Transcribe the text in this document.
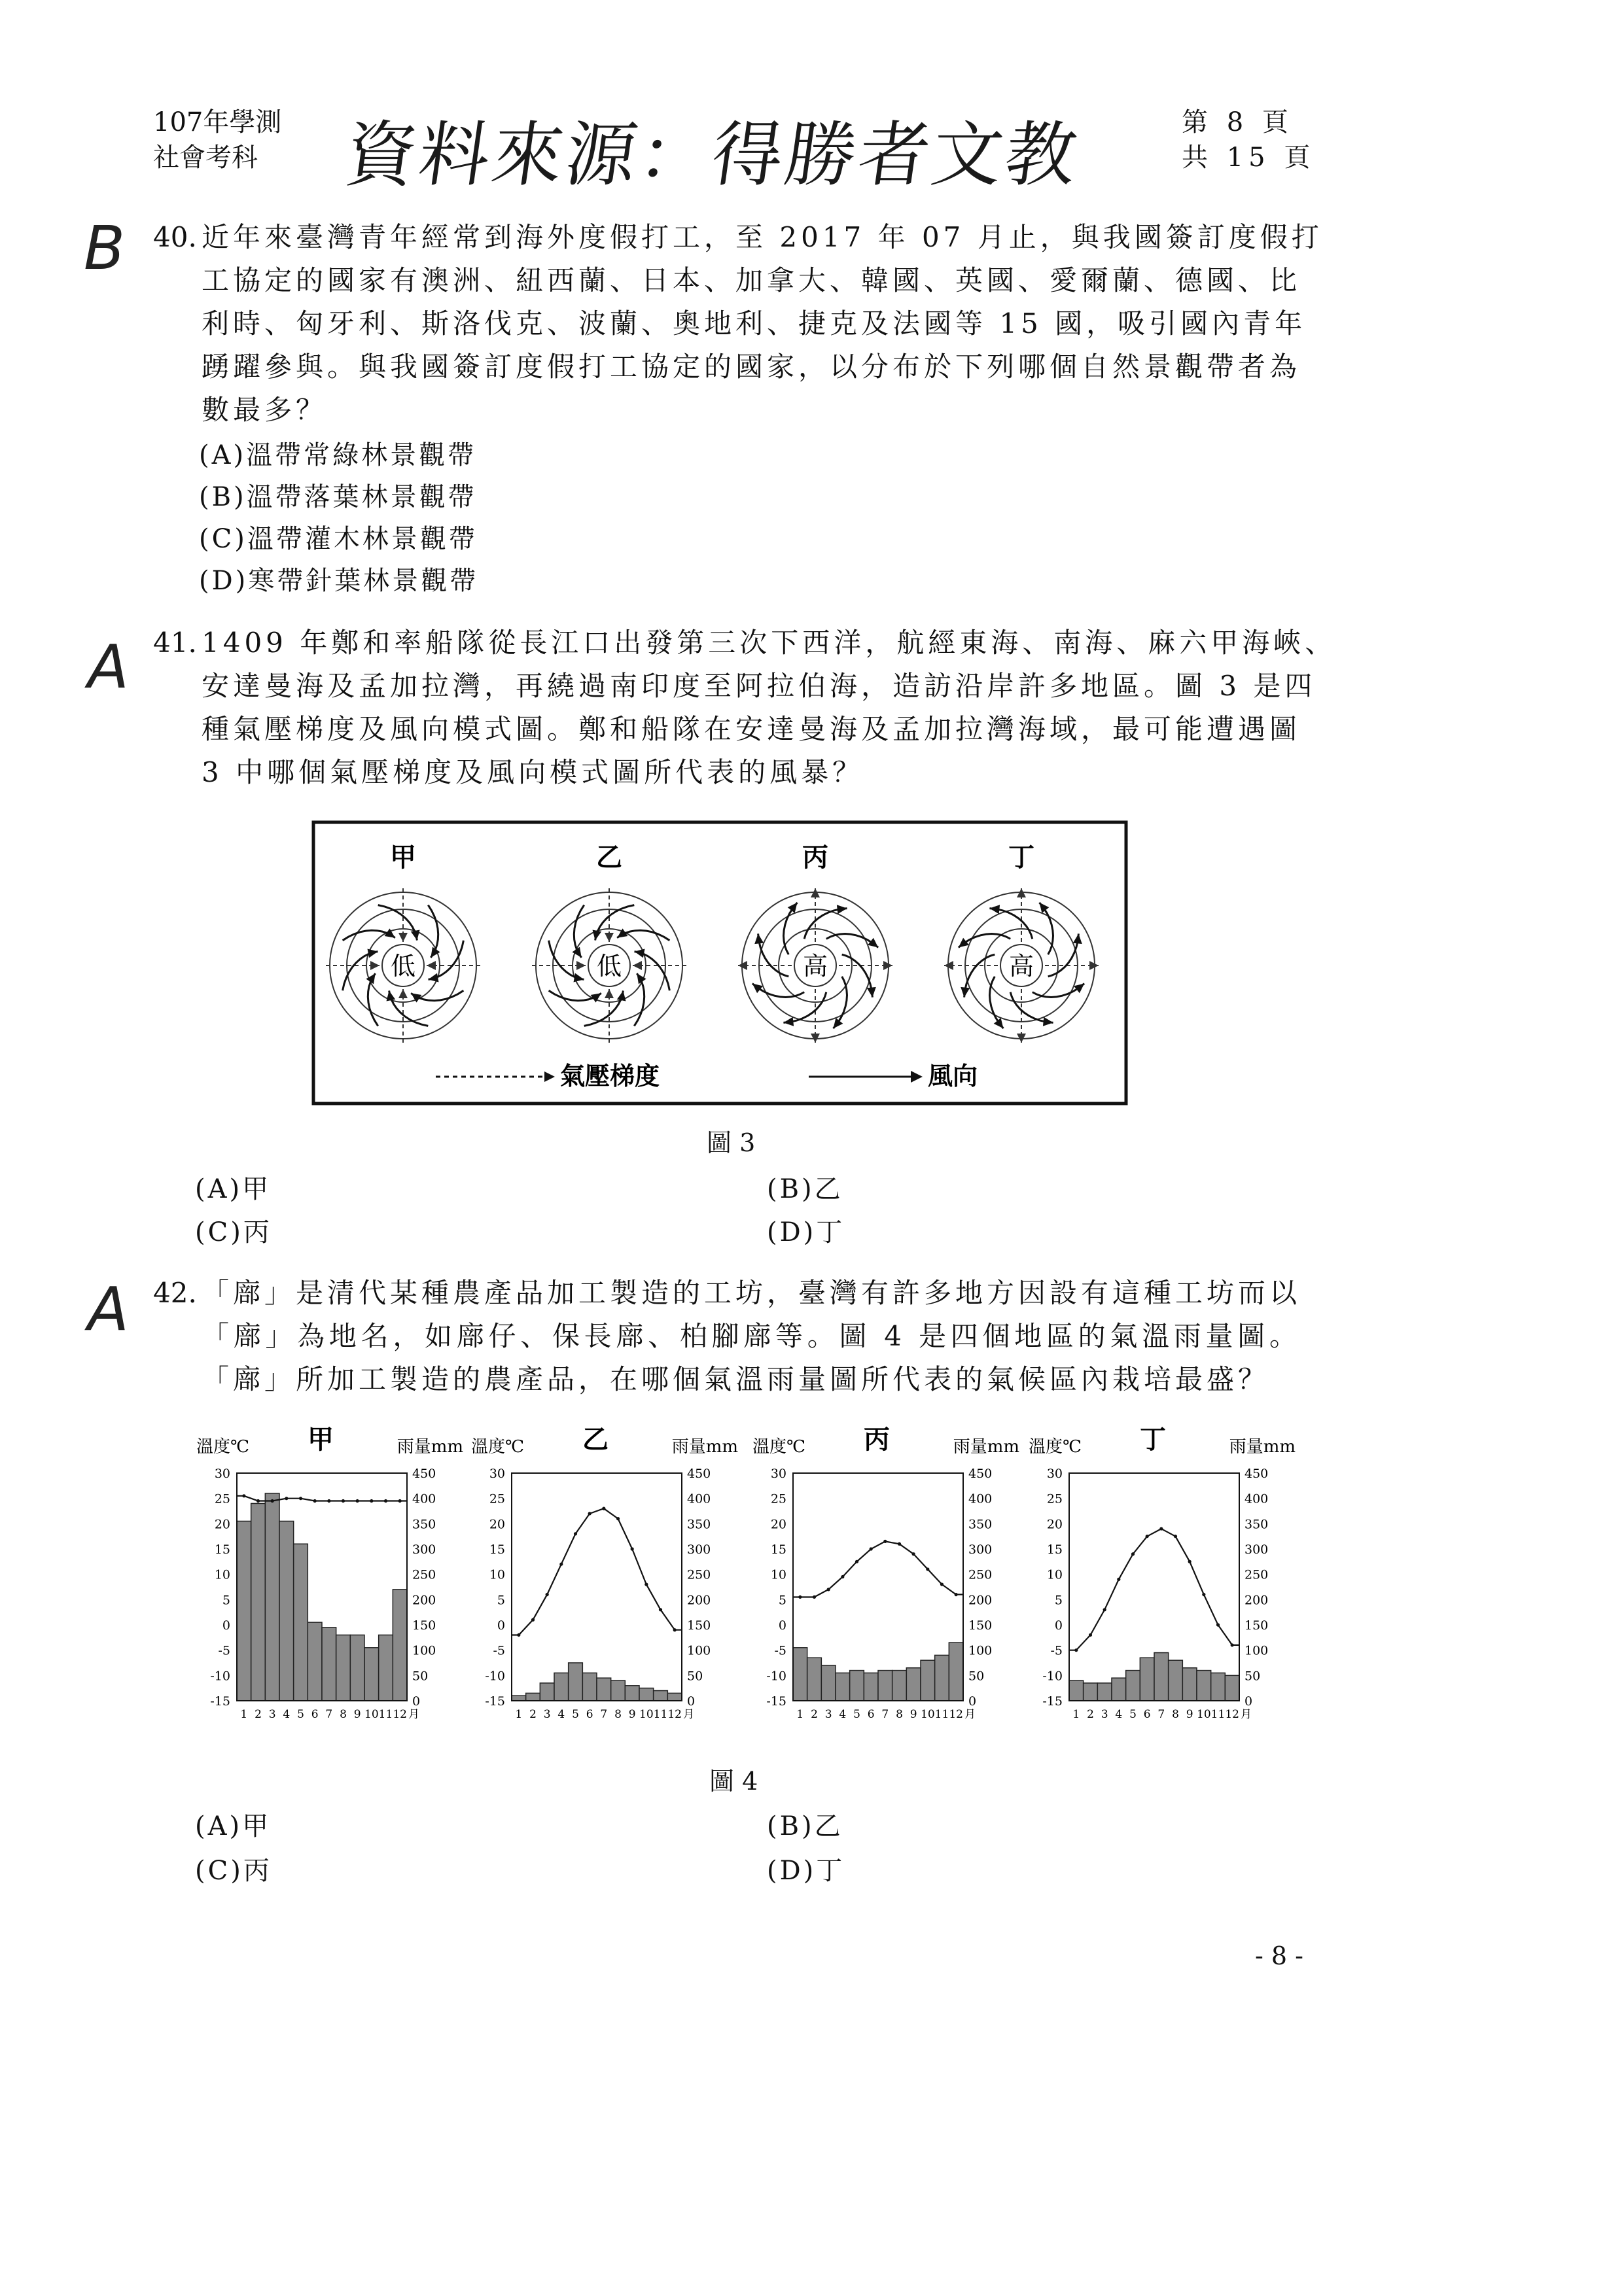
107年學測
社會考科 資料來源：得勝者文教	第 8 頁
共 15 頁
B
A
A
40. 近年來臺灣青年經常到海外度假打工，至 2017 年 07 月止，與我國簽訂度假打
工協定的國家有澳洲、紐西蘭、日本、加拿大、韓國、英國、愛爾蘭、德國、比
利時、匈牙利、斯洛伐克、波蘭、奧地利、捷克及法國等 15 國，吸引國內青年
踴躍參與。與我國簽訂度假打工協定的國家，以分布於下列哪個自然景觀帶者為
數最多？
(A)溫帶常綠林景觀帶
(B)溫帶落葉林景觀帶
(C)溫帶灌木林景觀帶
(D)寒帶針葉林景觀帶
41. 1409 年鄭和率船隊從長江口出發第三次下西洋，航經東海、南海、麻六甲海峽、
安達曼海及孟加拉灣，再繞過南印度至阿拉伯海，造訪沿岸許多地區。圖 3 是四
種氣壓梯度及風向模式圖。鄭和船隊在安達曼海及孟加拉灣海域，最可能遭遇圖
3 中哪個氣壓梯度及風向模式圖所代表的風暴？
甲
低
乙
低
丙
高
丁
高
氣壓梯度	風向
圖 3
(A)甲	(B)乙
(C)丙	(D)丁
42. 「廍」是清代某種農產品加工製造的工坊，臺灣有許多地方因設有這種工坊而以
「廍」為地名，如廍仔、保長廍、柏腳廍等。圖 4 是四個地區的氣溫雨量圖。
「廍」所加工製造的農產品，在哪個氣溫雨量圖所代表的氣候區內栽培最盛？
溫度℃ 甲	雨量mm
30
25
20
15
10
5
0
-5
-10
-15
450
400
350
300
250
200
150
100
50
0
1 2 3 4 5 6 7 8 9 10 11 12 月
溫度℃ 乙	雨量mm
30
25
20
15
10
5
0
-5
-10
-15
450
400
350
300
250
200
150
100
50
0
1 2 3 4 5 6 7 8 9 10 11 12 月
溫度℃ 丙	雨量mm
30
25
20
15
10
5
0
-5
-10
-15
450
400
350
300
250
200
150
100
50
0
1 2 3 4 5 6 7 8 9 10 11 12 月
溫度℃ 丁	雨量mm
30
25
20
15
10
5
0
-5
-10
-15
450
400
350
300
250
200
150
100
50
0
1 2 3 4 5 6 7 8 9 10 11 12 月
圖 4
(A)甲	(B)乙
(C)丙	(D)丁
- 8 -
